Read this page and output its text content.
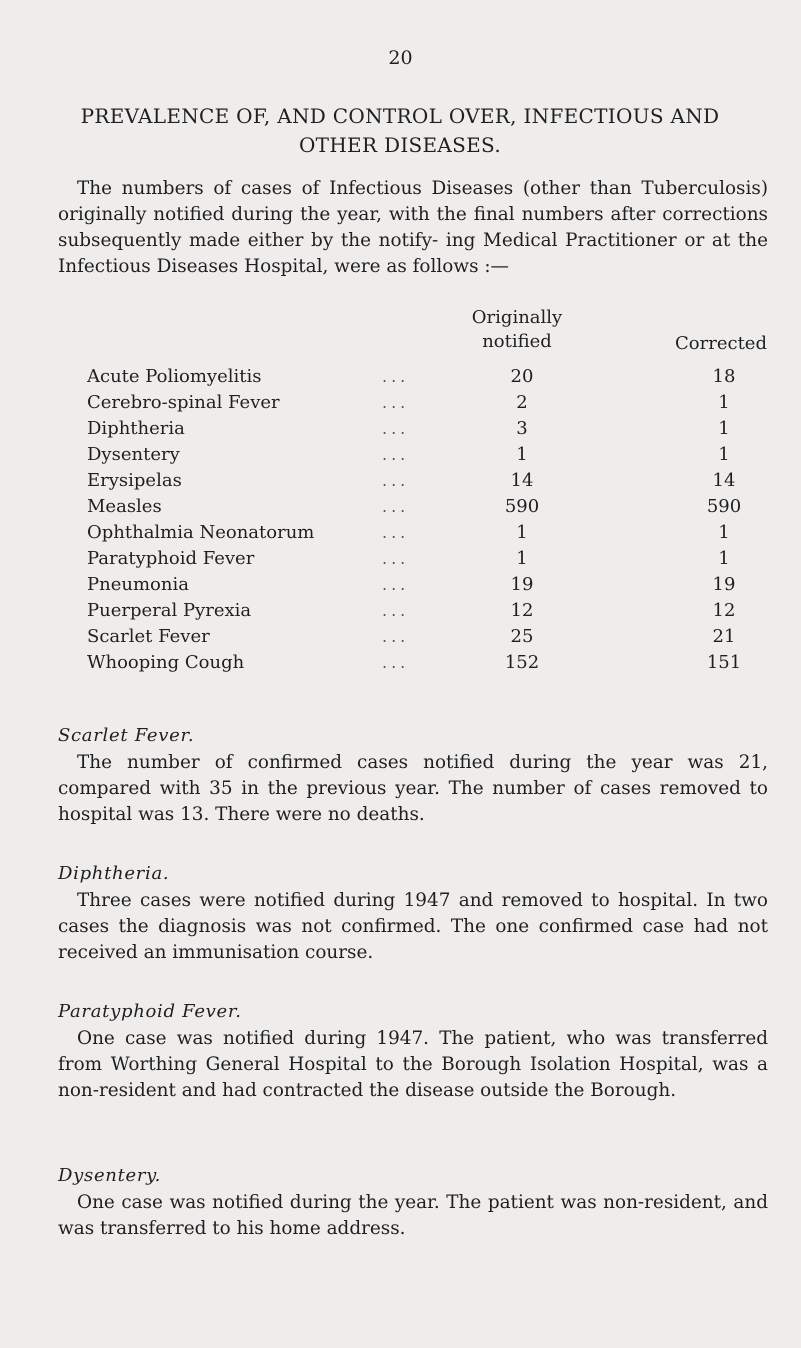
20
PREVALENCE OF, AND CONTROL OVER, INFECTIOUS AND OTHER DISEASES.
The numbers of cases of Infectious Diseases (other than Tuberculosis) originally notified during the year, with the final numbers after corrections subsequently made either by the notify- ing Medical Practitioner or at the Infectious Diseases Hospital, were as follows :—
Originally notified	Corrected
Acute Poliomyelitis	...	20	18
Cerebro-spinal Fever	...	2	1
Diphtheria	...	3	1
Dysentery	...	1	1
Erysipelas	...	14	14
Measles	...	590	590
Ophthalmia Neonatorum	...	1	1
Paratyphoid Fever	...	1	1
Pneumonia	...	19	19
Puerperal Pyrexia	...	12	12
Scarlet Fever	...	25	21
Whooping Cough	...	152	151
Scarlet Fever.
The number of confirmed cases notified during the year was 21, compared with 35 in the previous year. The number of cases removed to hospital was 13. There were no deaths.
Diphtheria.
Three cases were notified during 1947 and removed to hospital. In two cases the diagnosis was not confirmed. The one confirmed case had not received an immunisation course.
Paratyphoid Fever.
One case was notified during 1947. The patient, who was transferred from Worthing General Hospital to the Borough Isolation Hospital, was a non-resident and had contracted the disease outside the Borough.
Dysentery.
One case was notified during the year. The patient was non-resident, and was transferred to his home address.
